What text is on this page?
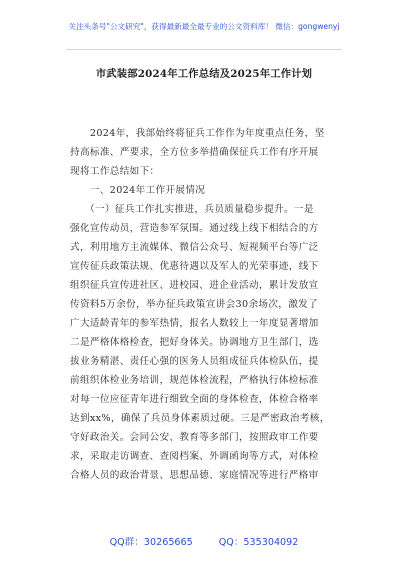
关注头条号"公文研究"，获得最新最全最专业的公文资料库！ 微信：gongwenyj
市武装部2024年工作总结及2025年工作计划
　　2024年，我部始终将征兵工作作为年度重点任务，坚
持高标准、严要求，全方位多举措确保征兵工作有序开展
现将工作总结如下：
　　一、2024年工作开展情况
　　（一）征兵工作扎实推进，兵员质量稳步提升。一是
强化宣传动员，营造参军氛围。通过线上线下相结合的方
式，利用地方主流媒体、微信公众号、短视频平台等广泛
宣传征兵政策法规、优惠待遇以及军人的光荣事迹，线下
组织征兵宣传进社区、进校园、进企业活动，累计发放宣
传资料5万余份，举办征兵政策宣讲会30余场次，激发了
广大适龄青年的参军热情，报名人数较上一年度显著增加
二是严格体格检查，把好身体关。协调地方卫生部门，选
拔业务精湛、责任心强的医务人员组成征兵体检队伍，提
前组织体检业务培训，规范体检流程，严格执行体检标准
对每一位应征青年进行细致全面的身体检查，体检合格率
达到xx%，确保了兵员身体素质过硬。三是严密政治考核，
守好政治关。会同公安、教育等多部门，按照政审工作要
求，采取走访调查、查阅档案、外调函询等方式，对体检
合格人员的政治背景、思想品德、家庭情况等进行严格审
QQ群：30265665	QQ：535304092
